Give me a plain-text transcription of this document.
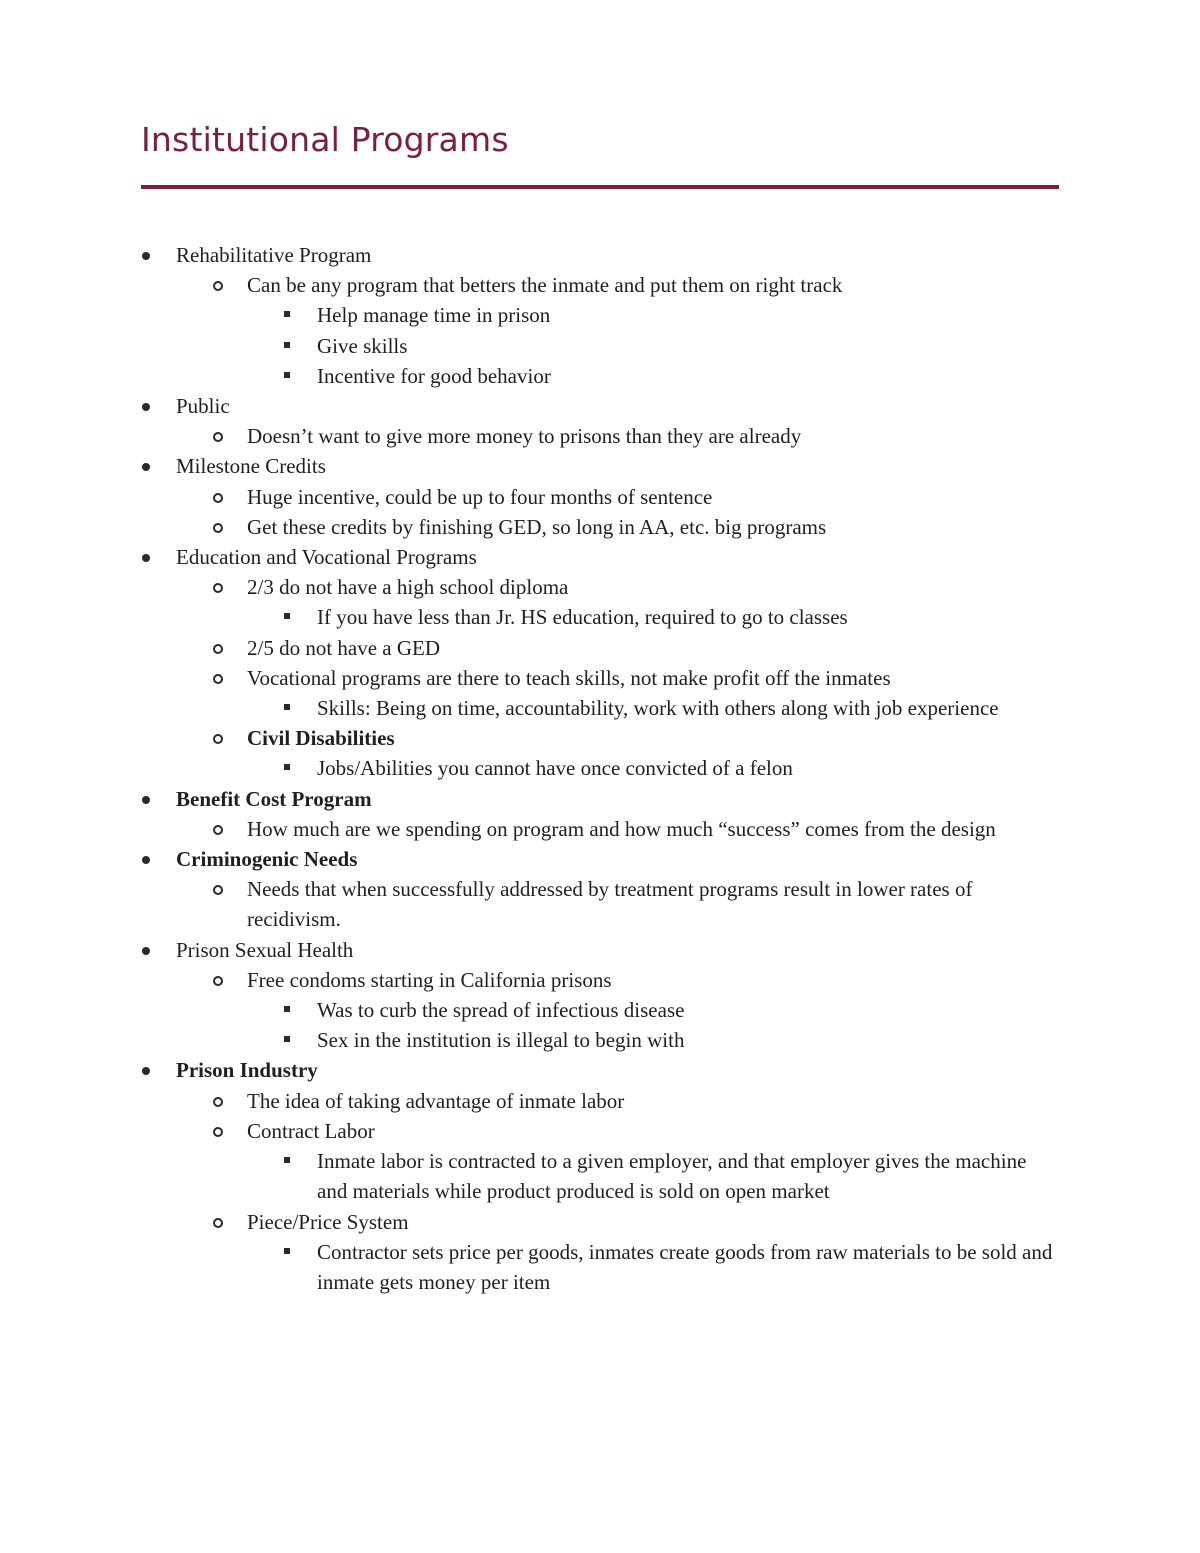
Institutional Programs
Rehabilitative Program
Can be any program that betters the inmate and put them on right track
Help manage time in prison
Give skills
Incentive for good behavior
Public
Doesn’t want to give more money to prisons than they are already
Milestone Credits
Huge incentive, could be up to four months of sentence
Get these credits by finishing GED, so long in AA, etc. big programs
Education and Vocational Programs
2/3 do not have a high school diploma
If you have less than Jr. HS education, required to go to classes
2/5 do not have a GED
Vocational programs are there to teach skills, not make profit off the inmates
Skills: Being on time, accountability, work with others along with job experience
Civil Disabilities
Jobs/Abilities you cannot have once convicted of a felon
Benefit Cost Program
How much are we spending on program and how much “success” comes from the design
Criminogenic Needs
Needs that when successfully addressed by treatment programs result in lower rates of recidivism.
Prison Sexual Health
Free condoms starting in California prisons
Was to curb the spread of infectious disease
Sex in the institution is illegal to begin with
Prison Industry
The idea of taking advantage of inmate labor
Contract Labor
Inmate labor is contracted to a given employer, and that employer gives the machine and materials while product produced is sold on open market
Piece/Price System
Contractor sets price per goods, inmates create goods from raw materials to be sold and inmate gets money per item
